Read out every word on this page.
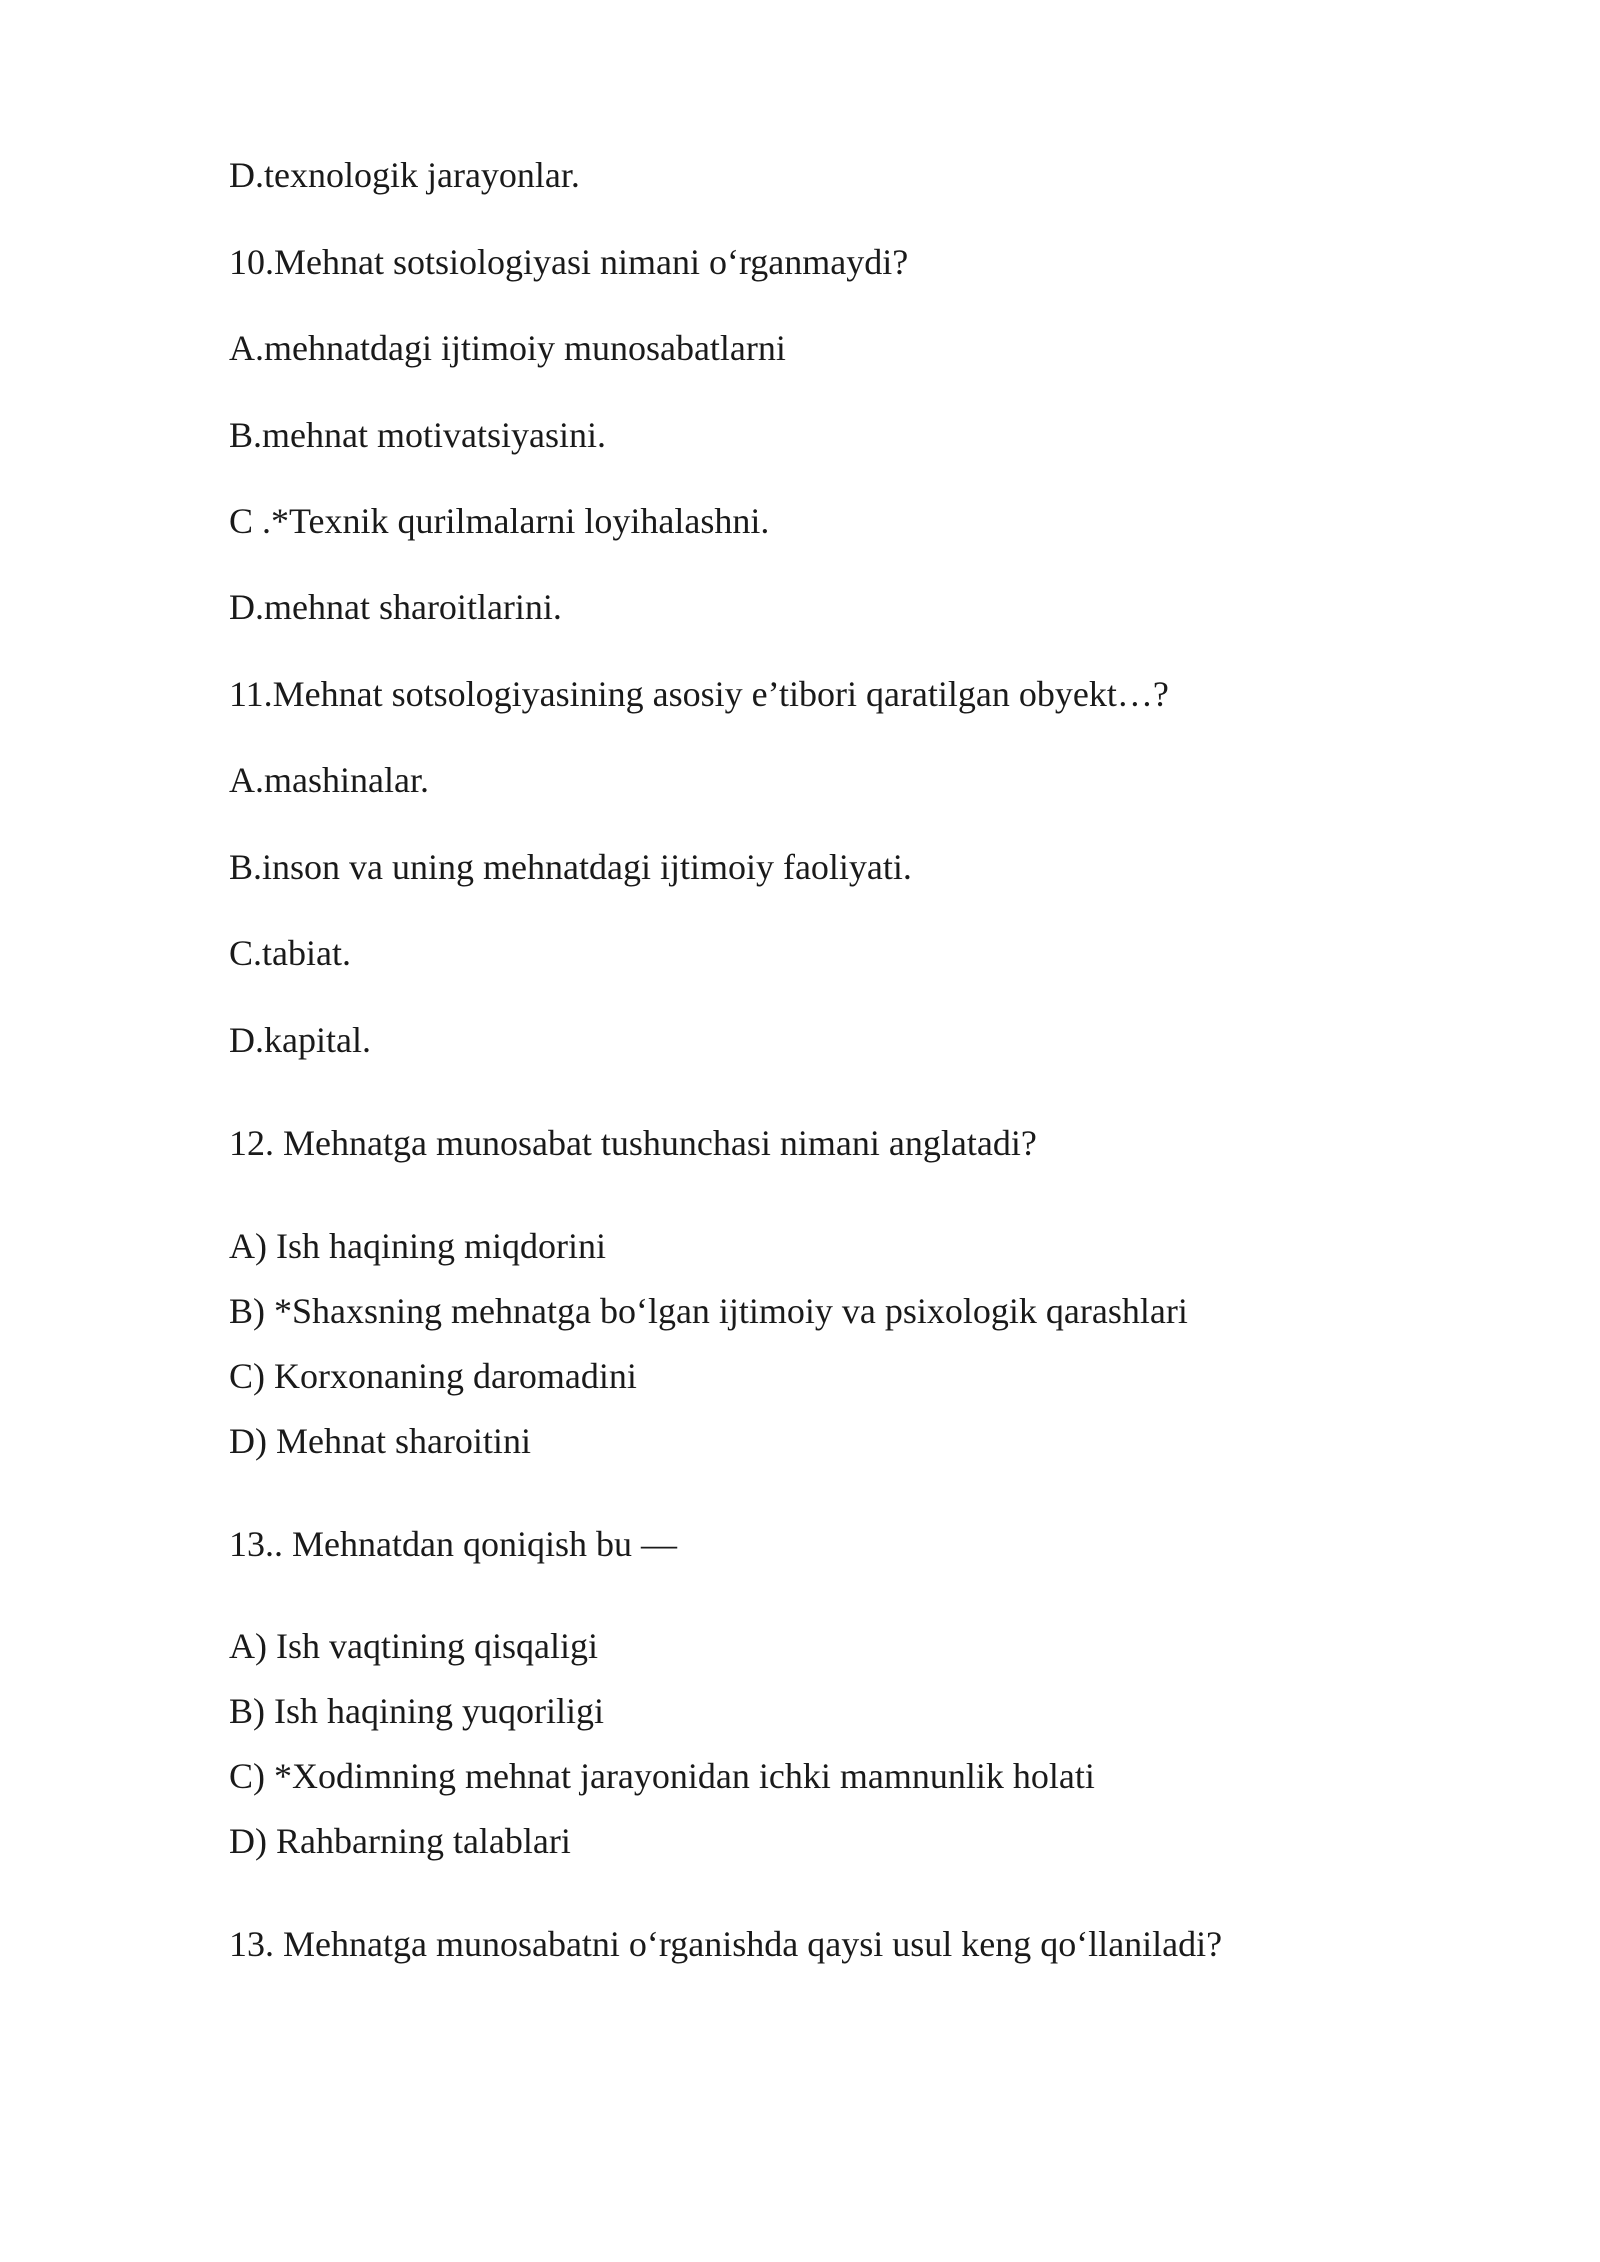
D.texnologik jarayonlar.
10.Mehnat sotsiologiyasi nimani o‘rganmaydi?
A.mehnatdagi ijtimoiy munosabatlarni
B.mehnat motivatsiyasini.
C .*Texnik qurilmalarni loyihalashni.
D.mehnat sharoitlarini.
11.Mehnat sotsologiyasining asosiy e’tibori qaratilgan obyekt…?
A.mashinalar.
B.inson va uning mehnatdagi ijtimoiy faoliyati.
C.tabiat.
D.kapital.
12. Mehnatga munosabat tushunchasi nimani anglatadi?
A) Ish haqining miqdorini
B) *Shaxsning mehnatga bo‘lgan ijtimoiy va psixologik qarashlari
C) Korxonaning daromadini
D) Mehnat sharoitini
13.. Mehnatdan qoniqish bu —
A) Ish vaqtining qisqaligi
B) Ish haqining yuqoriligi
C) *Xodimning mehnat jarayonidan ichki mamnunlik holati
D) Rahbarning talablari
13. Mehnatga munosabatni o‘rganishda qaysi usul keng qo‘llaniladi?
